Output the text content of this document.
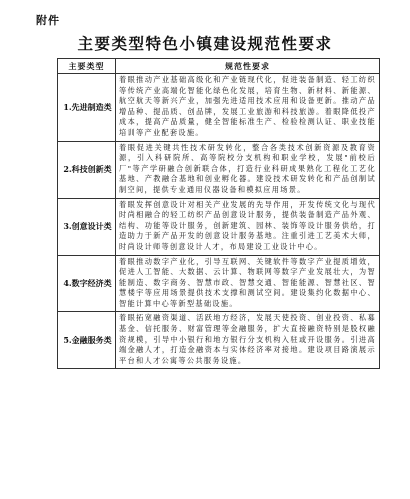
附件
主要类型特色小镇建设规范性要求
主要类型	规范性要求
1.先进制造类	着眼推动产业基础高级化和产业链现代化，促进装备制造、轻工纺织等传统产业高端化智能化绿色化发展，培育生物、新材料、新能源、航空航天等新兴产业，加强先进适用技术应用和设备更新。推动产品增品种、提品质、创品牌，发展工业旅游和科技旅游。着眼降低投产成本，提高产品质量，健全智能标准生产、检验检测认证、职业技能培训等产业配套设施。
2.科技创新类	着眼促进关键共性技术研发转化，整合各类技术创新资源及教育资源，引入科研院所、高等院校分支机构和职业学校，发展"前校后厂"等产学研融合创新联合体，打造行业科研成果熟化工程化工艺化基地、产教融合基地和创业孵化器。建设技术研发转化和产品创制试制空间，提供专业通用仪器设备和模拟应用场景。
3.创意设计类	着眼发挥创意设计对相关产业发展的先导作用，开发传统文化与现代时尚相融合的轻工纺织产品创意设计服务，提供装备制造产品外观、结构、功能等设计服务，创新建筑、园林、装饰等设计服务供给，打造助力于新产品开发的创意设计服务基地。注重引进工艺美术大师，时尚设计师等创意设计人才，布局建设工业设计中心。
4.数字经济类	着眼推动数字产业化，引导互联网、关键软件等数字产业提质增效，促进人工智能、大数据、云计算、物联网等数字产业发展壮大，为智能制造、数字商务、智慧市政、智慧交通、智能能源、智慧社区、智慧楼宇等应用场景提供技术支撑和测试空间。建设集约化数据中心、智能计算中心等新型基础设施。
5.金融服务类	着眼拓宽融资渠道、活跃地方经济，发展天使投资、创业投资、私募基金、信托服务、财富管理等金融服务，扩大直接融资特别是股权融资规模，引导中小银行和地方银行分支机构入驻或开设服务。引进高端金融人才，打造金融资本与实体经济率对接地。建设项目路演展示平台和人才公寓等公共服务设施。
